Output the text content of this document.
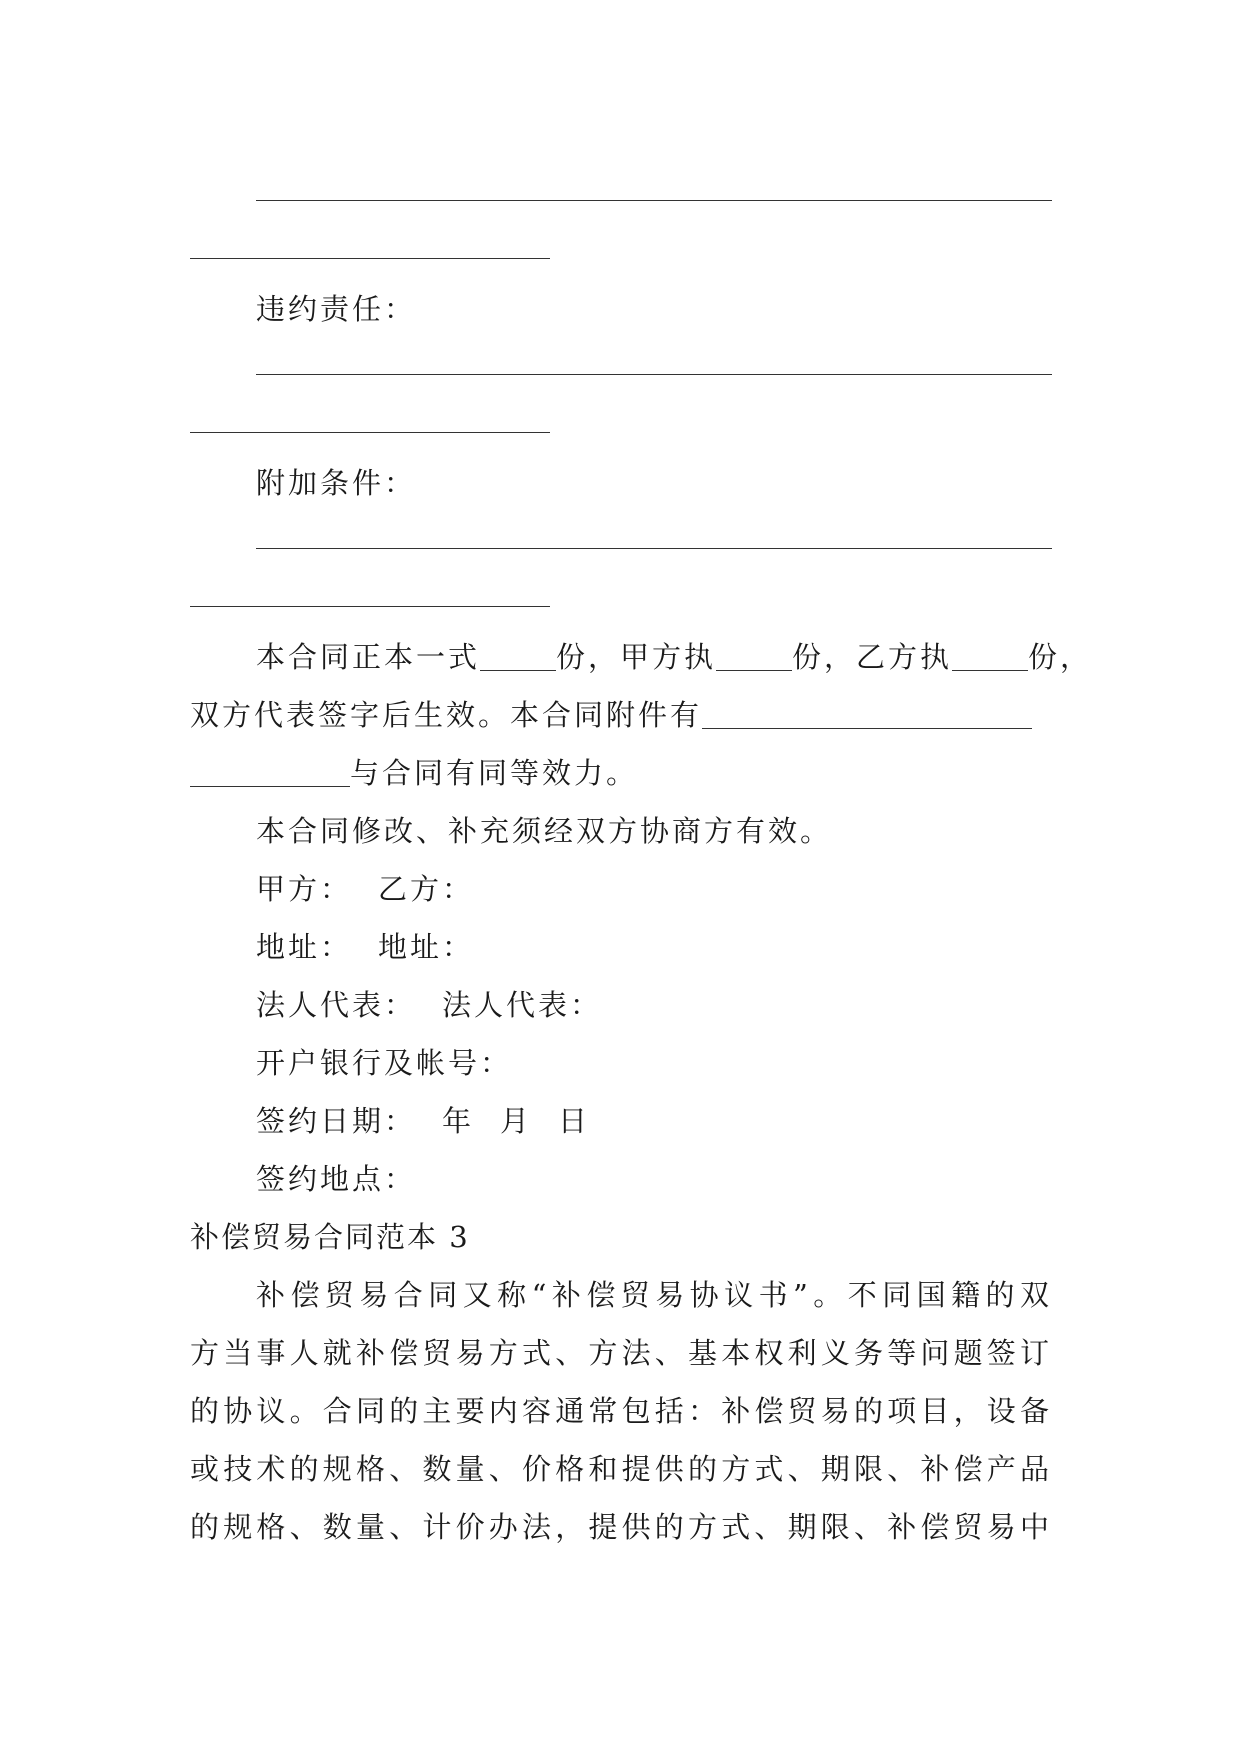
违约责任：
附加条件：
本合同正本一式	份，甲方执	份，乙方执	份，
双方代表签字后生效。本合同附件有
与合同有同等效力。
本合同修改、补充须经双方协商方有效。
甲方： 乙方：
地址： 地址：
法人代表： 法人代表：
开户银行及帐号：
签约日期： 年 月 日
签约地点：
补偿贸易合同范本 3
补偿贸易合同又称“补偿贸易协议书”。不同国籍的双
方当事人就补偿贸易方式、方法、基本权利义务等问题签订
的协议。合同的主要内容通常包括：补偿贸易的项目，设备
或技术的规格、数量、价格和提供的方式、期限、补偿产品
的规格、数量、计价办法，提供的方式、期限、补偿贸易中
